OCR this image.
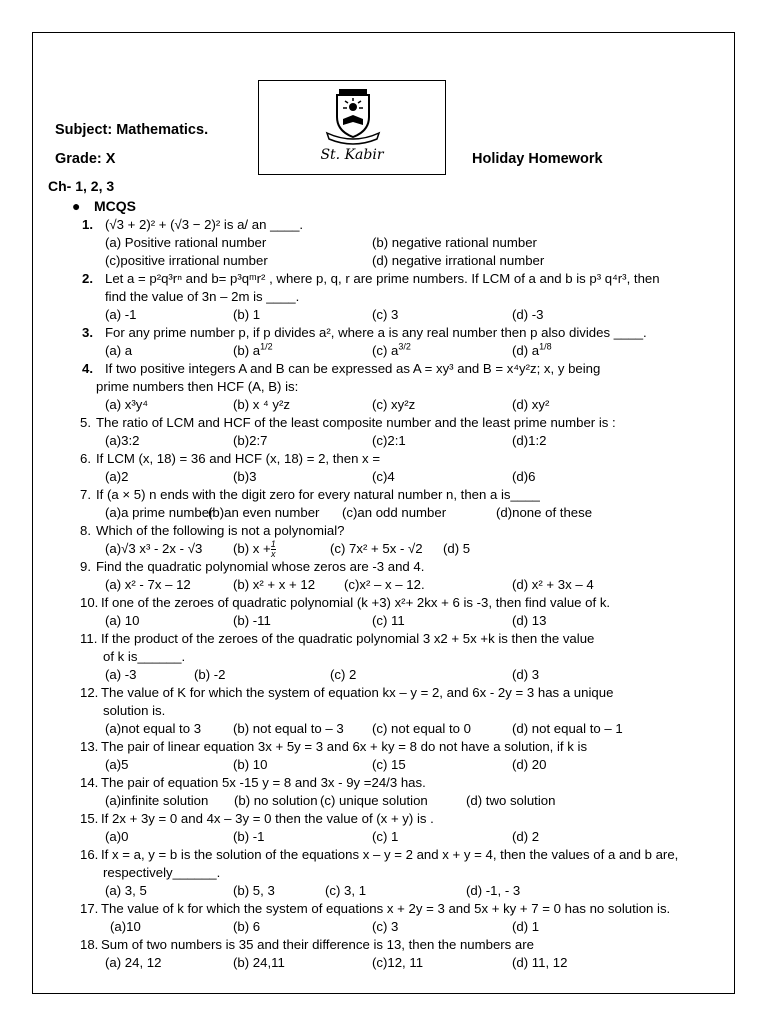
St. Kabir
Subject: Mathematics.
Grade: X	Holiday Homework
Ch- 1, 2, 3
● MCQS
1. (√3 + 2)² + (√3 − 2)² is a/ an ____.
(a) Positive rational number	(b) negative rational number
(c)positive irrational number	(d) negative irrational number
2. Let a = p²q³rⁿ and b= p³qᵐr² , where p, q, r are prime numbers. If LCM of a and b is p³ q⁴r³, then
find the value of 3n – 2m is ____.
(a) -1	(b) 1	(c) 3	(d) -3
3. For any prime number p, if p divides a², where a is any real number then p also divides ____.
(a) a	(b) $a^{1/2}$	(c) $a^{3/2}$	(d) $a^{1/8}$
4. If two positive integers A and B can be expressed as A = xy³ and B = x⁴y²z; x, y being
prime numbers then HCF (A, B) is:
(a) x³y⁴	(b) x ⁴ y²z	(c) xy²z	(d) xy²
5. The ratio of LCM and HCF of the least composite number and the least prime number is :
(a)3:2	(b)2:7	(c)2:1	(d)1:2
6. If LCM (x, 18) = 36 and HCF (x, 18) = 2, then x =
(a)2	(b)3	(c)4	(d)6
7. If (a × 5) n ends with the digit zero for every natural number n, then a is____
(a)a prime number
(b)an even number (c)an odd number	(d)none of these
8. Which of the following is not a polynomial?
(a)√3 x³ - 2x - √3 (b) $x + \frac{1}{x}$	(c) 7x² + 5x - √2 (d) 5
9. Find the quadratic polynomial whose zeros are -3 and 4.
(a) x² - 7x – 12	(b) x² + x + 12 (c)x² – x – 12.	(d) x² + 3x – 4
10. If one of the zeroes of quadratic polynomial (k +3) x²+ 2kx + 6 is -3, then find value of k.
(a) 10	(b) -11	(c) 11	(d) 13
11. If the product of the zeroes of the quadratic polynomial 3 x2 + 5x +k is then the value
of k is______.
(a) -3	(b) -2	(c) 2	(d) 3
12. The value of K for which the system of equation kx – y = 2, and 6x - 2y = 3 has a unique
solution is.
(a)not equal to 3 (b) not equal to – 3 (c) not equal to 0	(d) not equal to – 1
13. The pair of linear equation 3x + 5y = 3 and 6x + ky = 8 do not have a solution, if k is
(a)5	(b) 10	(c) 15	(d) 20
14. The pair of equation 5x -15 y = 8 and 3x - 9y =24/3 has.
(a)infinite solution (b) no solution (c) unique solution	(d) two solution
15. If 2x + 3y = 0 and 4x – 3y = 0 then the value of (x + y) is .
(a)0	(b) -1	(c) 1	(d) 2
16. If x = a, y = b is the solution of the equations x – y = 2 and x + y = 4, then the values of a and b are,
respectively______.
(a) 3, 5	(b) 5, 3	(c) 3, 1	(d) -1, - 3
17. The value of k for which the system of equations x + 2y = 3 and 5x + ky + 7 = 0 has no solution is.
(a)10	(b) 6	(c) 3	(d) 1
18. Sum of two numbers is 35 and their difference is 13, then the numbers are
(a) 24, 12	(b) 24,11	(c)12, 11	(d) 11, 12
